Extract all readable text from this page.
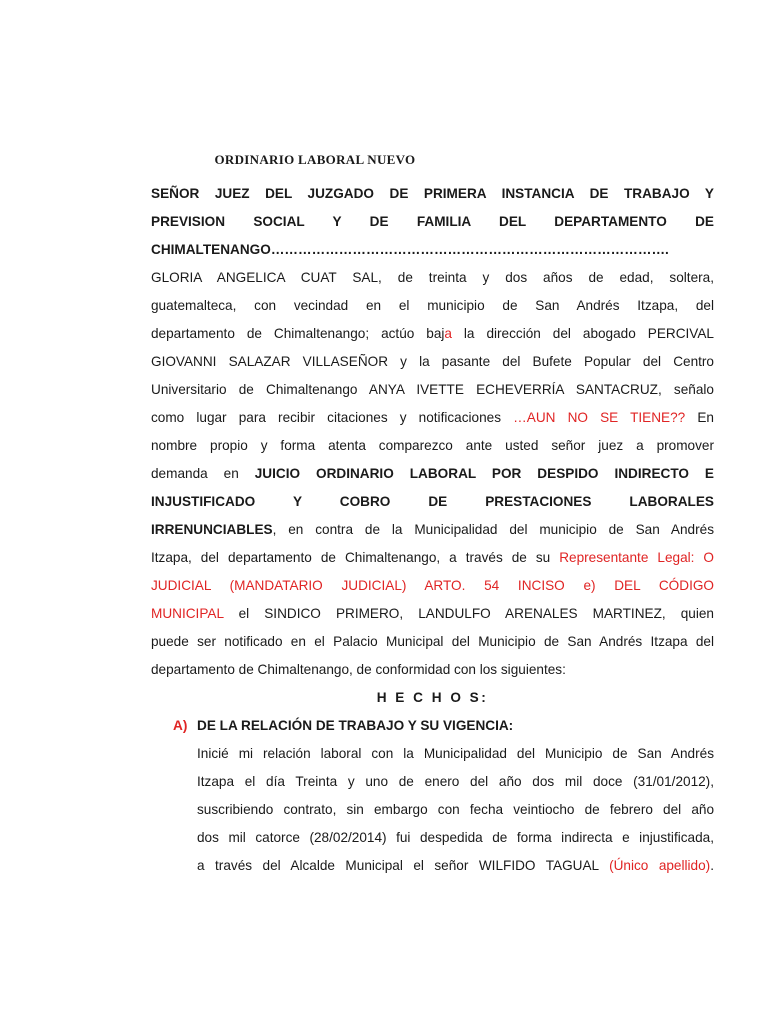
ORDINARIO LABORAL NUEVO
SEÑOR JUEZ DEL JUZGADO DE PRIMERA INSTANCIA DE TRABAJO Y
PREVISION SOCIAL Y DE FAMILIA DEL DEPARTAMENTO DE
CHIMALTENANGO…………………………………………………………………………….
GLORIA ANGELICA CUAT SAL, de treinta y dos años de edad, soltera,
guatemalteca, con vecindad en el municipio de San Andrés Itzapa, del
departamento de Chimaltenango; actúo baja la dirección del abogado PERCIVAL
GIOVANNI SALAZAR VILLASEÑOR y la pasante del Bufete Popular del Centro
Universitario de Chimaltenango ANYA IVETTE ECHEVERRÍA SANTACRUZ, señalo
como lugar para recibir citaciones y notificaciones …AUN NO SE TIENE?? En
nombre propio y forma atenta comparezco ante usted señor juez a promover
demanda en JUICIO ORDINARIO LABORAL POR DESPIDO INDIRECTO E
INJUSTIFICADO Y COBRO DE PRESTACIONES LABORALES
IRRENUNCIABLES, en contra de la Municipalidad del municipio de San Andrés
Itzapa, del departamento de Chimaltenango, a través de su Representante Legal: O
JUDICIAL (MANDATARIO JUDICIAL) ARTO. 54 INCISO e) DEL CÓDIGO
MUNICIPAL el SINDICO PRIMERO, LANDULFO ARENALES MARTINEZ, quien
puede ser notificado en el Palacio Municipal del Municipio de San Andrés Itzapa del
departamento de Chimaltenango, de conformidad con los siguientes:
H E C H O S:
A) DE LA RELACIÓN DE TRABAJO Y SU VIGENCIA:
Inicié mi relación laboral con la Municipalidad del Municipio de San Andrés
Itzapa el día Treinta y uno de enero del año dos mil doce (31/01/2012),
suscribiendo contrato, sin embargo con fecha veintiocho de febrero del año
dos mil catorce (28/02/2014) fui despedida de forma indirecta e injustificada,
a través del Alcalde Municipal el señor WILFIDO TAGUAL (Único apellido).
